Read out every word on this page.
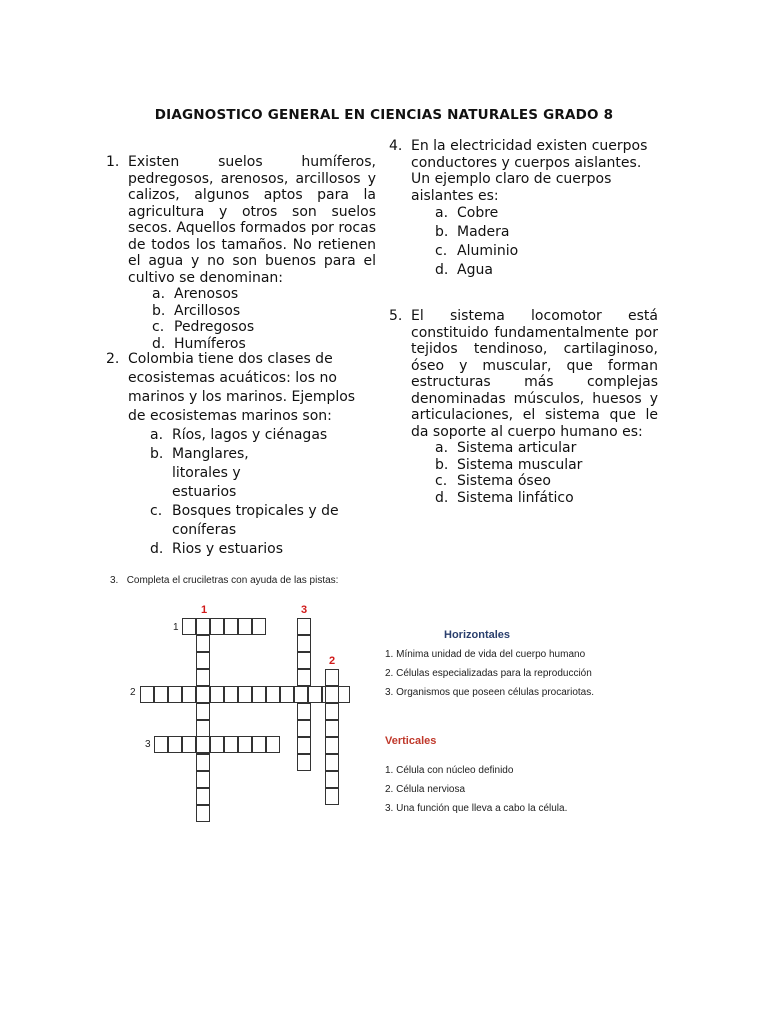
DIAGNOSTICO GENERAL EN CIENCIAS NATURALES GRADO 8
1. Existen suelos humíferos, pedregosos, arenosos, arcillosos y calizos, algunos aptos para la agricultura y otros son suelos secos. Aquellos formados por rocas de todos los tamaños. No retienen el agua y no son buenos para el cultivo se denominan:
a. Arenosos
b. Arcillosos
c. Pedregosos
d. Humíferos
2. Colombia tiene dos clases de ecosistemas acuáticos: los no marinos y los marinos. Ejemplos de ecosistemas marinos son:
a. Ríos, lagos y ciénagas
b. Manglares, litorales y estuarios
c. Bosques tropicales y de coníferas
d. Rios y estuarios
4. En la electricidad existen cuerpos conductores y cuerpos aislantes. Un ejemplo claro de cuerpos aislantes es:
a. Cobre
b. Madera
c. Aluminio
d. Agua
5. El sistema locomotor está constituido fundamentalmente por tejidos tendinoso, cartilaginoso, óseo y muscular, que forman estructuras más complejas denominadas músculos, huesos y articulaciones, el sistema que le da soporte al cuerpo humano es:
a. Sistema articular
b. Sistema muscular
c. Sistema óseo
d. Sistema linfático
3. Completa el cruciletras con ayuda de las pistas:
1	3
2
1
2
3
Horizontales
1. Mínima unidad de vida del cuerpo humano
2. Células especializadas para la reproducción
3. Organismos que poseen células procariotas.
Verticales
1. Célula con núcleo definido
2. Célula nerviosa
3. Una función que lleva a cabo la célula.
